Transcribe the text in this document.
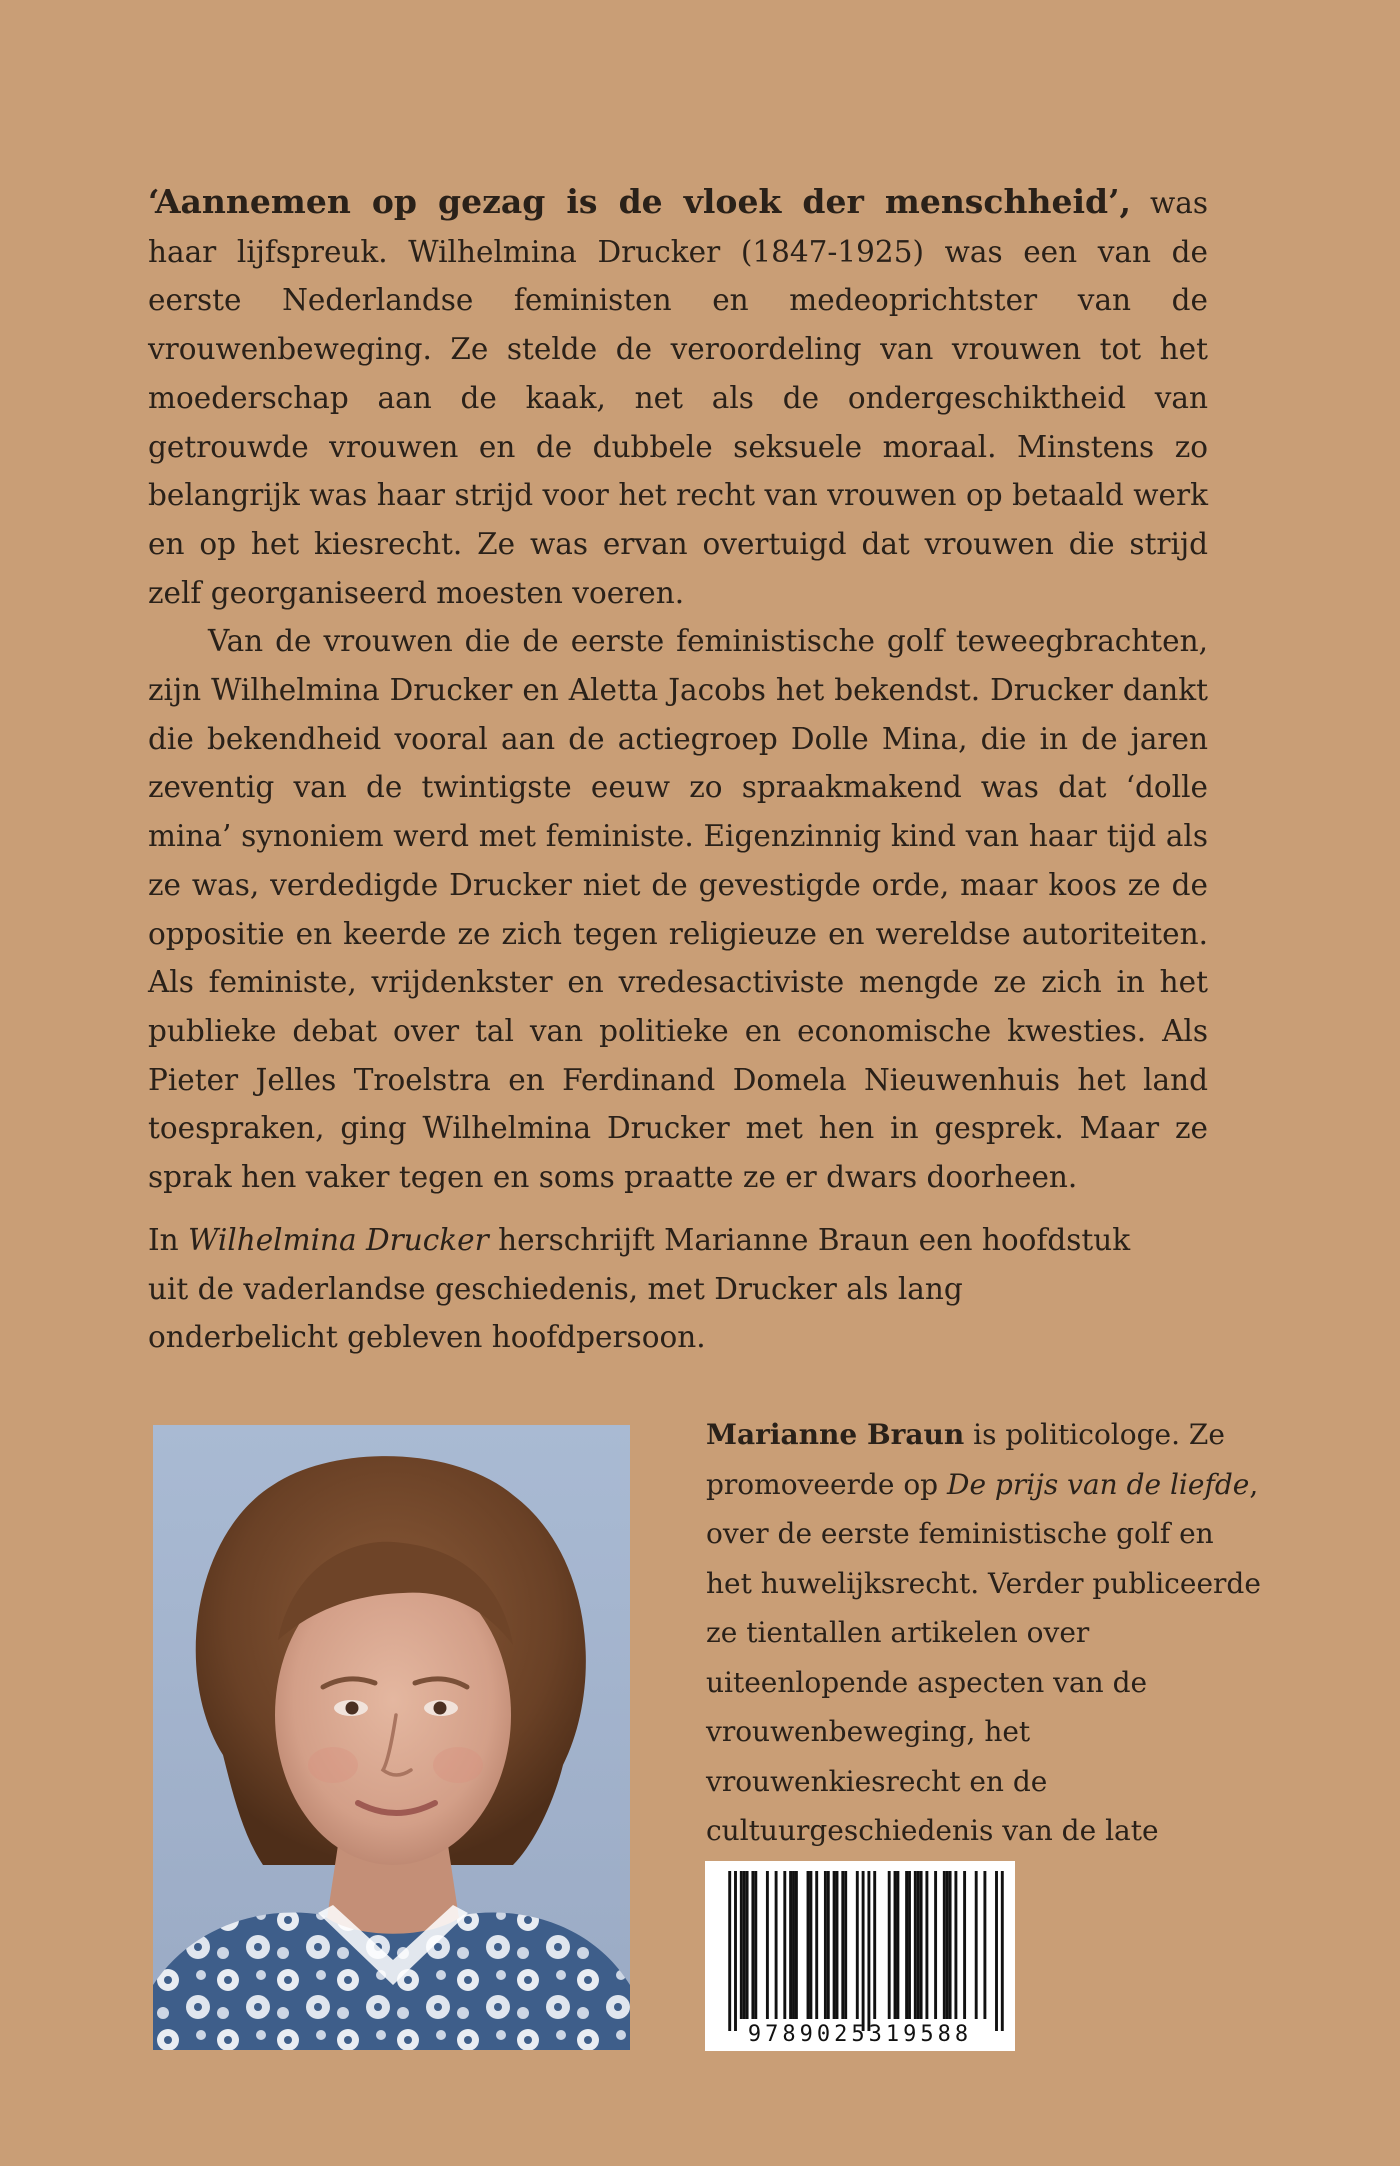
‘Aannemen op gezag is de vloek der menschheid’, was haar lijfspreuk. Wilhelmina Drucker (1847-1925) was een van de eerste Nederlandse feministen en medeoprichtster van de vrouwenbeweging. Ze stelde de veroordeling van vrouwen tot het moederschap aan de kaak, net als de ondergeschiktheid van getrouwde vrouwen en de dubbele seksuele moraal. Minstens zo belangrijk was haar strijd voor het recht van vrouwen op betaald werk en op het kiesrecht. Ze was ervan overtuigd dat vrouwen die strijd zelf georganiseerd moesten voeren.

Van de vrouwen die de eerste feministische golf teweegbrachten, zijn Wilhelmina Drucker en Aletta Jacobs het bekendst. Drucker dankt die bekendheid vooral aan de actiegroep Dolle Mina, die in de jaren zeventig van de twintigste eeuw zo spraakmakend was dat ‘dolle mina’ synoniem werd met feministe. Eigenzinnig kind van haar tijd als ze was, verdedigde Drucker niet de gevestigde orde, maar koos ze de oppositie en keerde ze zich tegen religieuze en wereldse autoriteiten. Als feministe, vrijdenkster en vredesactiviste mengde ze zich in het publieke debat over tal van politieke en economische kwesties. Als Pieter Jelles Troelstra en Ferdinand Domela Nieuwenhuis het land toespraken, ging Wilhelmina Drucker met hen in gesprek. Maar ze sprak hen vaker tegen en soms praatte ze er dwars doorheen.

In Wilhelmina Drucker herschrijft Marianne Braun een hoofdstuk uit de vaderlandse geschiedenis, met Drucker als lang onderbelicht gebleven hoofdpersoon.

Marianne Braun is politicologe. Ze promoveerde op De prijs van de liefde, over de eerste feministische golf en het huwelijksrecht. Verder publiceerde ze tientallen artikelen over uiteenlopende aspecten van de vrouwenbeweging, het vrouwenkiesrecht en de cultuurgeschiedenis van de late

9789025319588
